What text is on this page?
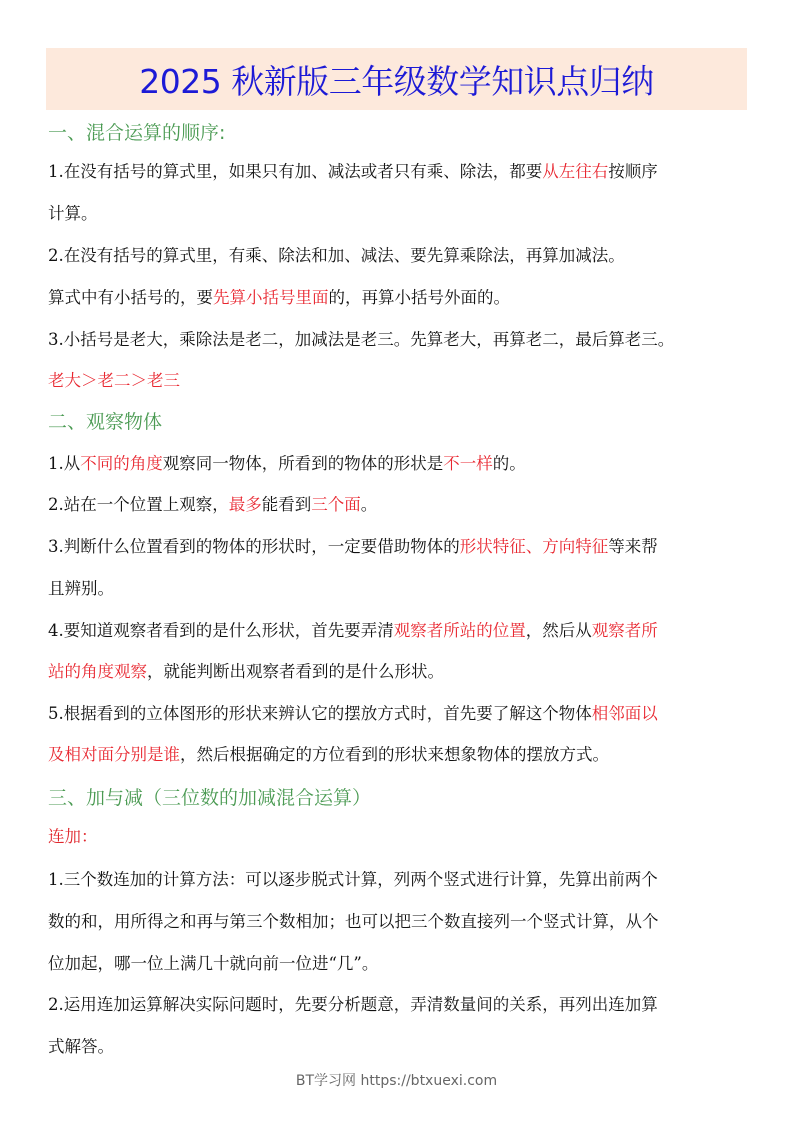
2025 秋新版三年级数学知识点归纳
一、混合运算的顺序:
1.在没有括号的算式里，如果只有加、减法或者只有乘、除法，都要从左往右按顺序
计算。
2.在没有括号的算式里，有乘、除法和加、减法、要先算乘除法，再算加减法。
算式中有小括号的，要先算小括号里面的，再算小括号外面的。
3.小括号是老大，乘除法是老二，加减法是老三。先算老大，再算老二，最后算老三。
老大＞老二＞老三
二、观察物体
1.从不同的角度观察同一物体，所看到的物体的形状是不一样的。
2.站在一个位置上观察，最多能看到三个面。
3.判断什么位置看到的物体的形状时，一定要借助物体的形状特征、方向特征等来帮
且辨别。
4.要知道观察者看到的是什么形状，首先要弄清观察者所站的位置，然后从观察者所
站的角度观察，就能判断出观察者看到的是什么形状。
5.根据看到的立体图形的形状来辨认它的摆放方式时，首先要了解这个物体相邻面以
及相对面分别是谁，然后根据确定的方位看到的形状来想象物体的摆放方式。
三、加与减（三位数的加减混合运算）
连加：
1.三个数连加的计算方法：可以逐步脱式计算，列两个竖式进行计算，先算出前两个
数的和，用所得之和再与第三个数相加；也可以把三个数直接列一个竖式计算，从个
位加起，哪一位上满几十就向前一位进“几”。
2.运用连加运算解决实际问题时，先要分析题意，弄清数量间的关系，再列出连加算
式解答。
BT学习网 https://btxuexi.com
